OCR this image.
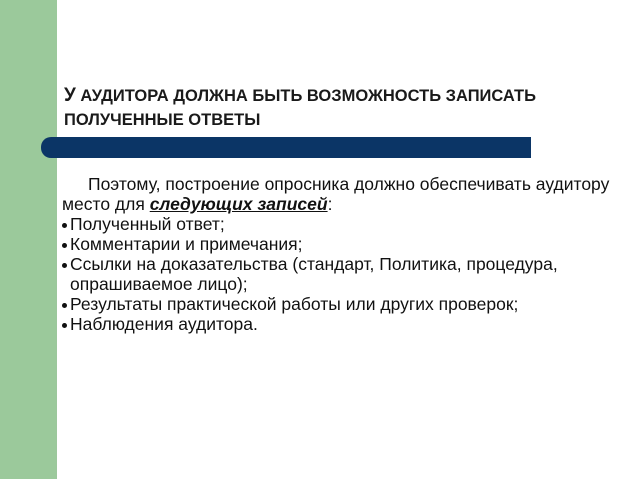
У АУДИТОРА ДОЛЖНА БЫТЬ ВОЗМОЖНОСТЬ ЗАПИСАТЬ ПОЛУЧЕННЫЕ ОТВЕТЫ

Поэтому, построение опросника должно обеспечивать аудитору место для следующих записей:

Полученный ответ;
Комментарии и примечания;
Ссылки на доказательства (стандарт, Политика, процедура, опрашиваемое лицо);
Результаты практической работы или других проверок;
Наблюдения аудитора.
